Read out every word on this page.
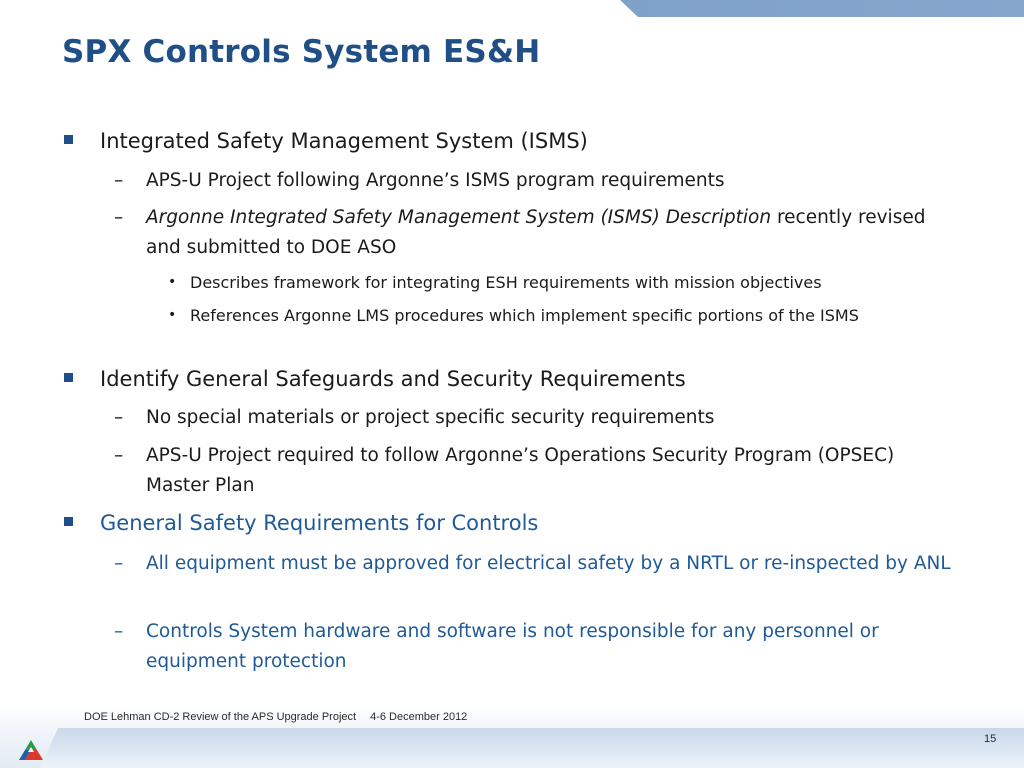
SPX Controls System ES&H
Integrated Safety Management System (ISMS)
– APS-U Project following Argonne’s ISMS program requirements
– Argonne Integrated Safety Management System (ISMS) Description recently revised and submitted to DOE ASO
• Describes framework for integrating ESH requirements with mission objectives
• References Argonne LMS procedures which implement specific portions of the ISMS
Identify General Safeguards and Security Requirements
– No special materials or project specific security requirements
– APS-U Project required to follow Argonne’s Operations Security Program (OPSEC) Master Plan
General Safety Requirements for Controls
– All equipment must be approved for electrical safety by a NRTL or re-inspected by ANL
– Controls System hardware and software is not responsible for any personnel or equipment protection
DOE Lehman CD-2 Review of the APS Upgrade Project 4-6 December 2012
15
